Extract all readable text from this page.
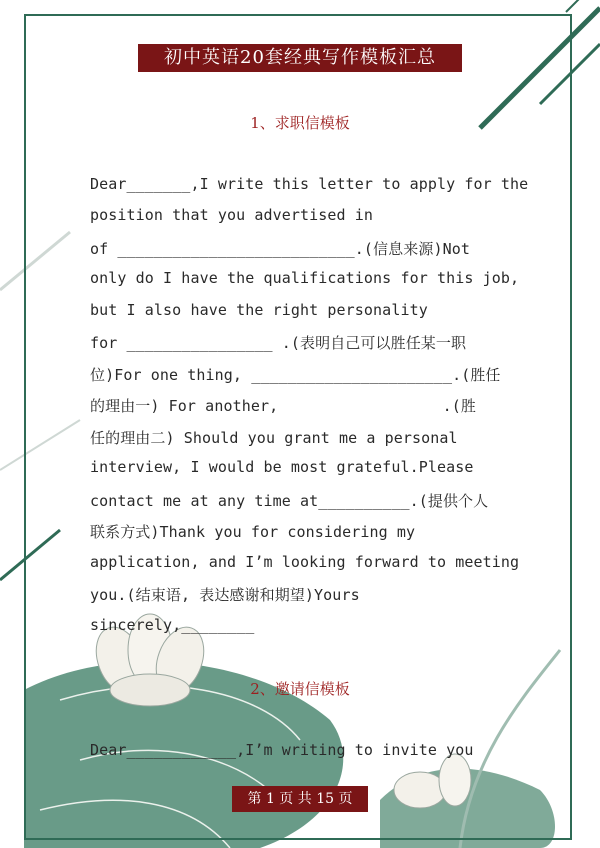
初中英语20套经典写作模板汇总
1、求职信模板
Dear_______,I write this letter to apply for the
position that you advertised in
of __________________________.(信息来源)Not
only do I have the qualifications for this job,
but I also have the right personality
for ________________ .(表明自己可以胜任某一职
位)For one thing, ______________________.(胜任
的理由一) For another,                  .(胜
任的理由二) Should you grant me a personal
interview, I would be most grateful.Please
contact me at any time at__________.(提供个人
联系方式)Thank you for considering my
application, and I’m looking forward to meeting
you.(结束语, 表达感谢和期望)Yours
sincerely,________
2、邀请信模板
Dear____________,I’m writing to invite you
第 1 页 共 15 页
